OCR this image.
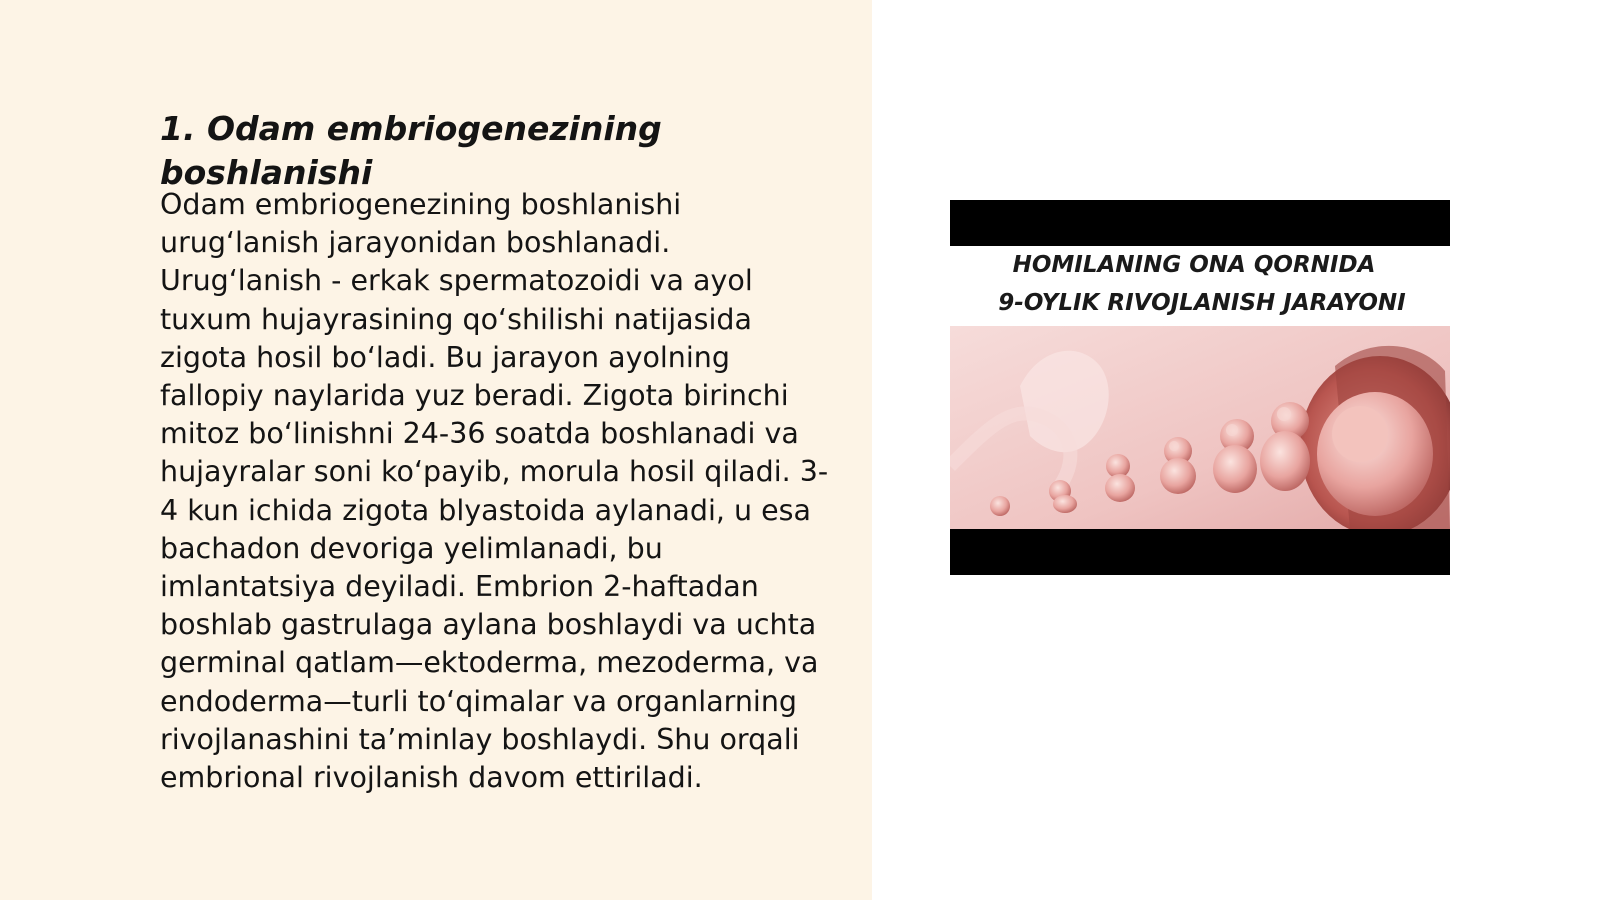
1. Odam embriogenezining boshlanishi

Odam embriogenezining boshlanishi urug‘lanish jarayonidan boshlanadi. Urug‘lanish - erkak spermatozoidi va ayol tuxum hujayrasining qo‘shilishi natijasida zigota hosil bo‘ladi. Bu jarayon ayolning fallopiy naylarida yuz beradi. Zigota birinchi mitoz bo‘linishni 24-36 soatda boshlanadi va hujayralar soni ko‘payib, morula hosil qiladi. 3-4 kun ichida zigota blyastoida aylanadi, u esa bachadon devoriga yelimlanadi, bu imlantatsiya deyiladi. Embrion 2-haftadan boshlab gastrulaga aylana boshlaydi va uchta germinal qatlam—ektoderma, mezoderma, va endoderma—turli to‘qimalar va organlarning rivojlanashini ta’minlay boshlaydi. Shu orqali embrional rivojlanish davom ettiriladi.

HOMILANING ONA QORNIDA
9-OYLIK RIVOJLANISH JARAYONI
